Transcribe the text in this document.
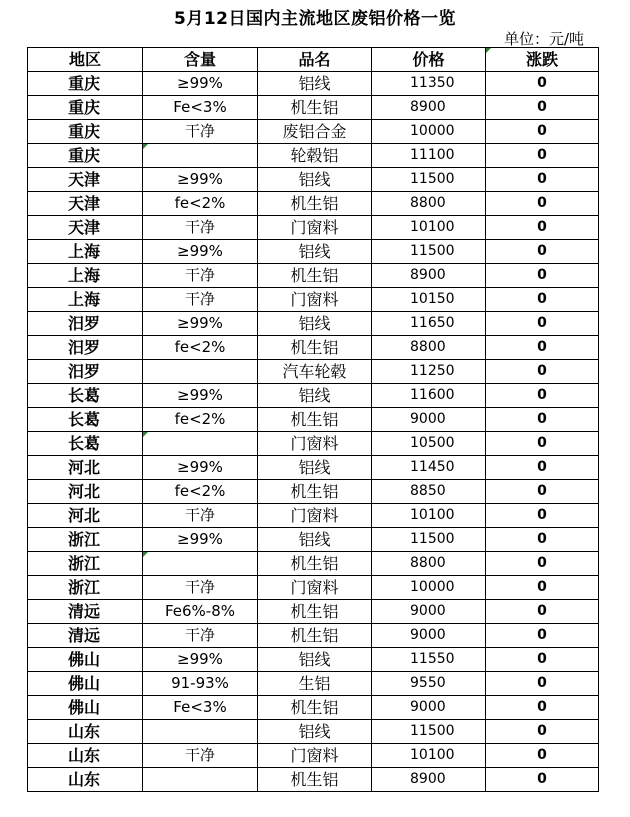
5月12日国内主流地区废铝价格一览
单位：元/吨
地区	含量	品名	价格	涨跌
重庆	≥99%	铝线	11350	0
重庆	Fe<3%	机生铝	8900	0
重庆	干净	废铝合金	10000	0
重庆		轮毂铝	11100	0
天津	≥99%	铝线	11500	0
天津	fe<2%	机生铝	8800	0
天津	干净	门窗料	10100	0
上海	≥99%	铝线	11500	0
上海	干净	机生铝	8900	0
上海	干净	门窗料	10150	0
汨罗	≥99%	铝线	11650	0
汨罗	fe<2%	机生铝	8800	0
汨罗		汽车轮毂	11250	0
长葛	≥99%	铝线	11600	0
长葛	fe<2%	机生铝	9000	0
长葛		门窗料	10500	0
河北	≥99%	铝线	11450	0
河北	fe<2%	机生铝	8850	0
河北	干净	门窗料	10100	0
浙江	≥99%	铝线	11500	0
浙江		机生铝	8800	0
浙江	干净	门窗料	10000	0
清远	Fe6%-8%	机生铝	9000	0
清远	干净	机生铝	9000	0
佛山	≥99%	铝线	11550	0
佛山	91-93%	生铝	9550	0
佛山	Fe<3%	机生铝	9000	0
山东		铝线	11500	0
山东	干净	门窗料	10100	0
山东		机生铝	8900	0
